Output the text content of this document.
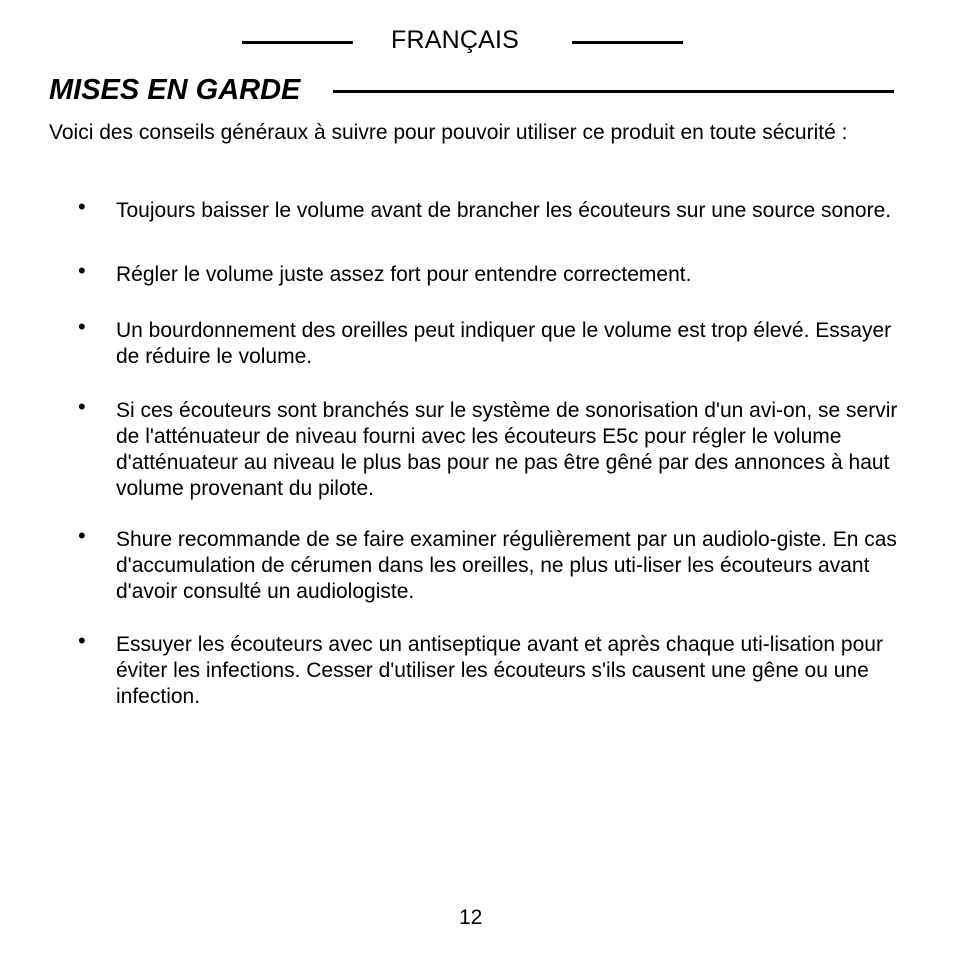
FRANÇAIS
MISES EN GARDE
Voici des conseils généraux à suivre pour pouvoir utiliser ce produit en toute sécurité :
• Toujours baisser le volume avant de brancher les écouteurs sur une source sonore.
• Régler le volume juste assez fort pour entendre correctement.
• Un bourdonnement des oreilles peut indiquer que le volume est trop élevé. Essayer de réduire le volume.
• Si ces écouteurs sont branchés sur le système de sonorisation d'un avi-on, se servir de l'atténuateur de niveau fourni avec les écouteurs E5c pour régler le volume d'atténuateur au niveau le plus bas pour ne pas être gêné par des annonces à haut volume provenant du pilote.
• Shure recommande de se faire examiner régulièrement par un audiolo-giste. En cas d'accumulation de cérumen dans les oreilles, ne plus uti-liser les écouteurs avant d'avoir consulté un audiologiste.
• Essuyer les écouteurs avec un antiseptique avant et après chaque uti-lisation pour éviter les infections. Cesser d'utiliser les écouteurs s'ils causent une gêne ou une infection.
12
